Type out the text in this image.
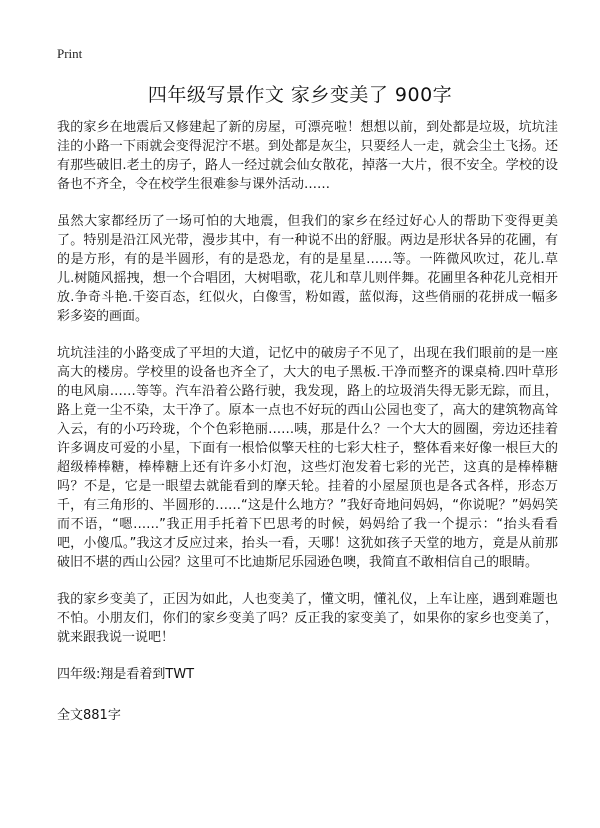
Print
四年级写景作文 家乡变美了 900字

我的家乡在地震后又修建起了新的房屋，可漂亮啦！想想以前，到处都是垃圾，坑坑洼洼的小路一下雨就会变得泥泞不堪。到处都是灰尘，只要经人一走，就会尘土飞扬。还有那些破旧.老土的房子，路人一经过就会仙女散花，掉落一大片，很不安全。学校的设备也不齐全，令在校学生很难参与课外活动……

虽然大家都经历了一场可怕的大地震，但我们的家乡在经过好心人的帮助下变得更美了。特别是沿江风光带，漫步其中，有一种说不出的舒服。两边是形状各异的花圃，有的是方形，有的是半圆形，有的是恐龙，有的是星星……等。一阵微风吹过，花儿.草儿.树随风摇拽，想一个合唱团，大树唱歌，花儿和草儿则伴舞。花圃里各种花儿竞相开放.争奇斗艳.千姿百态，红似火，白像雪，粉如霞，蓝似海，这些俏丽的花拼成一幅多彩多姿的画面。

坑坑洼洼的小路变成了平坦的大道，记忆中的破房子不见了，出现在我们眼前的是一座高大的楼房。学校里的设备也齐全了，大大的电子黑板.干净而整齐的课桌椅.四叶草形的电风扇……等等。汽车沿着公路行驶，我发现，路上的垃圾消失得无影无踪，而且，路上竟一尘不染，太干净了。原本一点也不好玩的西山公园也变了，高大的建筑物高耸入云，有的小巧玲珑，个个色彩艳丽……咦，那是什么？一个大大的圆圈，旁边还挂着许多调皮可爱的小星，下面有一根恰似擎天柱的七彩大柱子，整体看来好像一根巨大的超级棒棒糖，棒棒糖上还有许多小灯泡，这些灯泡发着七彩的光芒，这真的是棒棒糖吗？不是，它是一眼望去就能看到的摩天轮。挂着的小屋屋顶也是各式各样，形态万千，有三角形的、半圆形的……“这是什么地方？”我好奇地问妈妈，“你说呢？”妈妈笑而不语，“嗯……”我正用手托着下巴思考的时候，妈妈给了我一个提示：“抬头看看吧，小傻瓜。”我这才反应过来，抬头一看，天哪！这犹如孩子天堂的地方，竟是从前那破旧不堪的西山公园？这里可不比迪斯尼乐园逊色噢，我简直不敢相信自己的眼睛。

我的家乡变美了，正因为如此，人也变美了，懂文明，懂礼仪，上车让座，遇到难题也不怕。小朋友们，你们的家乡变美了吗？反正我的家变美了，如果你的家乡也变美了，就来跟我说一说吧！

四年级:翔是看着到TWT

全文881字
